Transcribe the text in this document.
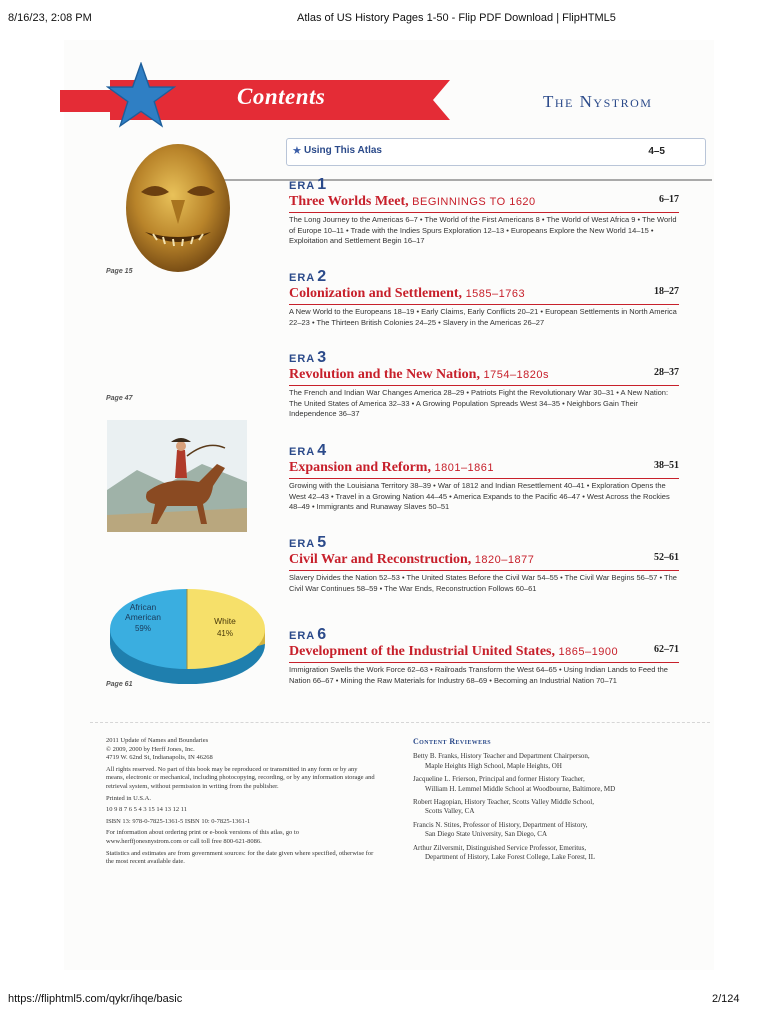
8/16/23, 2:08 PM	Atlas of US History Pages 1-50 - Flip PDF Download | FlipHTML5
https://fliphtml5.com/qykr/ihqe/basic	2/124
Contents	The Nystrom
★ Using This Atlas	4–5
ERA 1
Three Worlds Meet, BEGINNINGS TO 1620	6–17
The Long Journey to the Americas 6–7 • The World of the First Americans 8 • The World of West Africa 9 • The World of Europe 10–11 • Trade with the Indies Spurs Exploration 12–13 • Europeans Explore the New World 14–15 • Exploitation and Settlement Begin 16–17
ERA 2
Colonization and Settlement, 1585–1763	18–27
A New World to the Europeans 18–19 • Early Claims, Early Conflicts 20–21 • European Settlements in North America 22–23 • The Thirteen British Colonies 24–25 • Slavery in the Americas 26–27
ERA 3
Revolution and the New Nation, 1754–1820s	28–37
The French and Indian War Changes America 28–29 • Patriots Fight the Revolutionary War 30–31 • A New Nation: The United States of America 32–33 • A Growing Population Spreads West 34–35 • Neighbors Gain Their Independence 36–37
ERA 4
Expansion and Reform, 1801–1861	38–51
Growing with the Louisiana Territory 38–39 • War of 1812 and Indian Resettlement 40–41 • Exploration Opens the West 42–43 • Travel in a Growing Nation 44–45 • America Expands to the Pacific 46–47 • West Across the Rockies 48–49 • Immigrants and Runaway Slaves 50–51
ERA 5
Civil War and Reconstruction, 1820–1877	52–61
Slavery Divides the Nation 52–53 • The United States Before the Civil War 54–55 • The Civil War Begins 56–57 • The Civil War Continues 58–59 • The War Ends, Reconstruction Follows 60–61
ERA 6
Development of the Industrial United States, 1865–1900	62–71
Immigration Swells the Work Force 62–63 • Railroads Transform the West 64–65 • Using Indian Lands to Feed the Nation 66–67 • Mining the Raw Materials for Industry 68–69 • Becoming an Industrial Nation 70–71
Page 15
Page 47
African
American
59%
White
41%
Page 61

2011 Update of Names and Boundaries

© 2009, 2000 by Herff Jones, Inc.

4719 W. 62nd St, Indianapolis, IN 46268

All rights reserved. No part of this book may be reproduced or transmitted in any form or by any means, electronic or mechanical, including photocopying, recording, or by any information storage and retrieval system, without permission in writing from the publisher.

Printed in U.S.A.

10 9 8 7 6 5 4 3 15 14 13 12 11

ISBN 13: 978-0-7825-1361-5 ISBN 10: 0-7825-1361-1

For information about ordering print or e-book versions of this atlas, go to www.herffjonesnystrom.com or call toll free 800-621-8086.

Statistics and estimates are from government sources: for the date given where specified, otherwise for the most recent available date.

Content Reviewers
Betty B. Franks, History Teacher and Department Chairperson,
Maple Heights High School, Maple Heights, OH
Jacqueline L. Frierson, Principal and former History Teacher,
William H. Lemmel Middle School at Woodbourne, Baltimore, MD
Robert Hagopian, History Teacher, Scotts Valley Middle School,
Scotts Valley, CA
Francis N. Stites, Professor of History, Department of History,
San Diego State University, San Diego, CA
Arthur Zilversmit, Distinguished Service Professor, Emeritus,
Department of History, Lake Forest College, Lake Forest, IL
